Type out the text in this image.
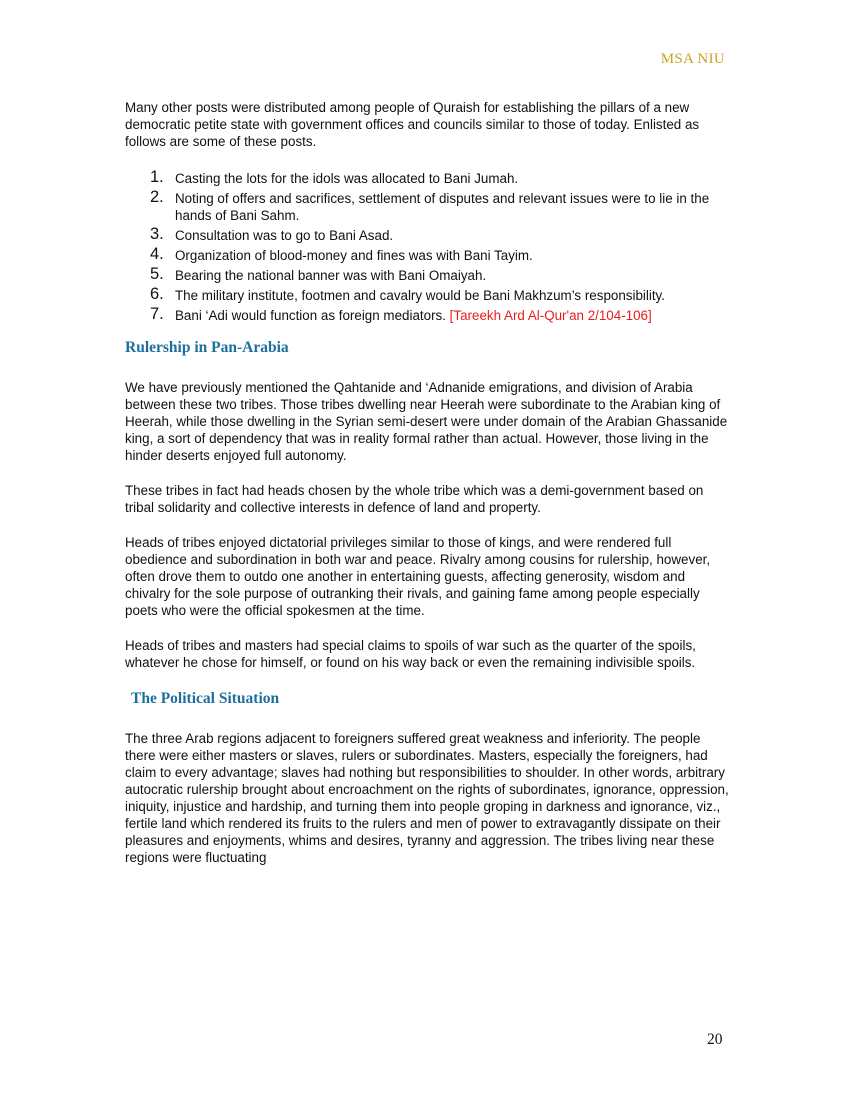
MSA NIU

Many other posts were distributed among people of Quraish for establishing the pillars of a new democratic petite state with government offices and councils similar to those of today. Enlisted as follows are some of these posts.

1. Casting the lots for the idols was allocated to Bani Jumah.
2. Noting of offers and sacrifices, settlement of disputes and relevant issues were to lie in the hands of Bani Sahm.
3. Consultation was to go to Bani Asad.
4. Organization of blood-money and fines was with Bani Tayim.
5. Bearing the national banner was with Bani Omaiyah.
6. The military institute, footmen and cavalry would be Bani Makhzum’s responsibility.
7. Bani ‘Adi would function as foreign mediators. [Tareekh Ard Al-Qur'an 2/104-106]
Rulership in Pan-Arabia

We have previously mentioned the Qahtanide and ‘Adnanide emigrations, and division of Arabia between these two tribes. Those tribes dwelling near Heerah were subordinate to the Arabian king of Heerah, while those dwelling in the Syrian semi-desert were under domain of the Arabian Ghassanide king, a sort of dependency that was in reality formal rather than actual. However, those living in the hinder deserts enjoyed full autonomy.

These tribes in fact had heads chosen by the whole tribe which was a demi-government based on tribal solidarity and collective interests in defence of land and property.

Heads of tribes enjoyed dictatorial privileges similar to those of kings, and were rendered full obedience and subordination in both war and peace. Rivalry among cousins for rulership, however, often drove them to outdo one another in entertaining guests, affecting generosity, wisdom and chivalry for the sole purpose of outranking their rivals, and gaining fame among people especially poets who were the official spokesmen at the time.

Heads of tribes and masters had special claims to spoils of war such as the quarter of the spoils, whatever he chose for himself, or found on his way back or even the remaining indivisible spoils.

The Political Situation

The three Arab regions adjacent to foreigners suffered great weakness and inferiority. The people there were either masters or slaves, rulers or subordinates. Masters, especially the foreigners, had claim to every advantage; slaves had nothing but responsibilities to shoulder. In other words, arbitrary autocratic rulership brought about encroachment on the rights of subordinates, ignorance, oppression, iniquity, injustice and hardship, and turning them into people groping in darkness and ignorance, viz., fertile land which rendered its fruits to the rulers and men of power to extravagantly dissipate on their pleasures and enjoyments, whims and desires, tyranny and aggression. The tribes living near these regions were fluctuating

20
